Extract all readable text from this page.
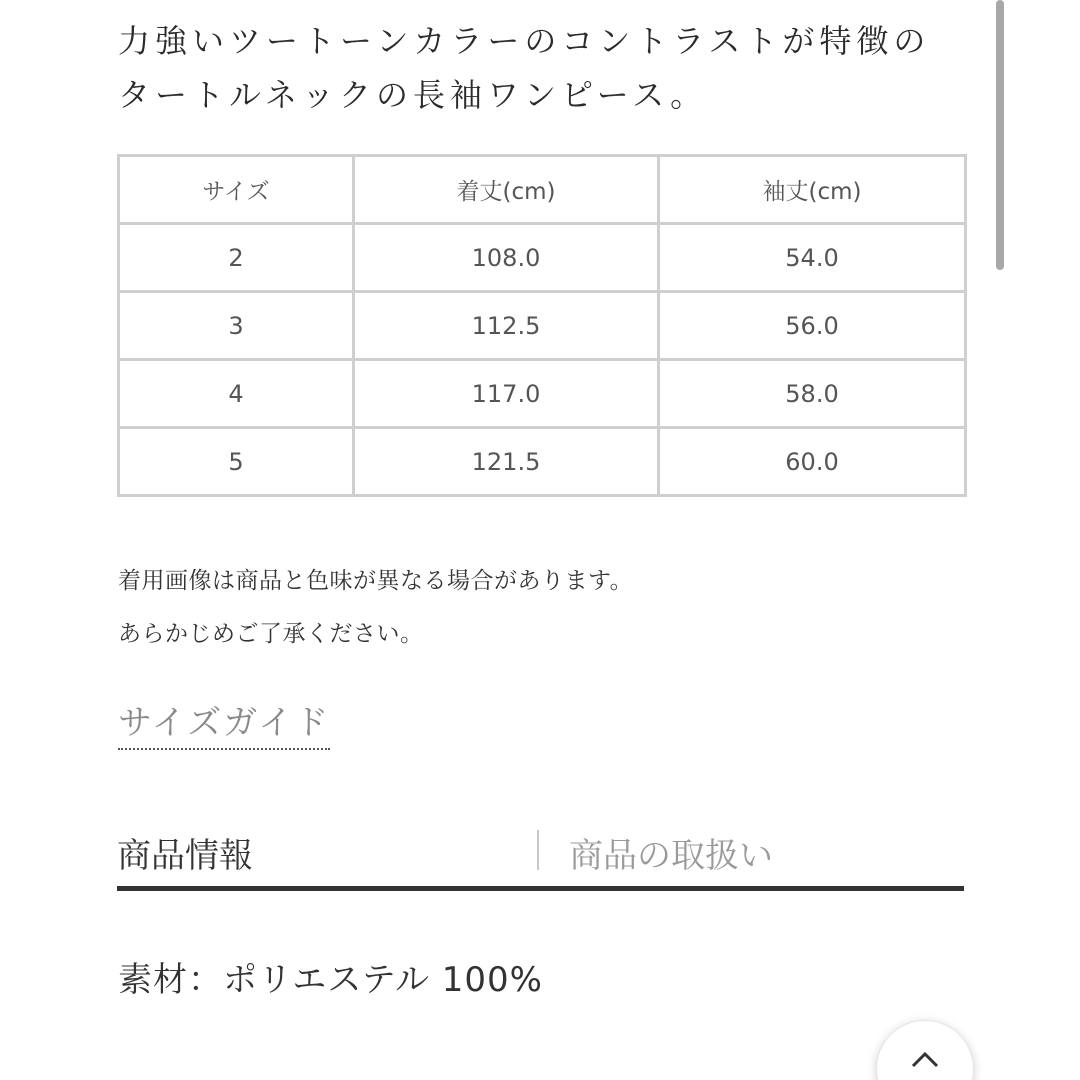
力強いツートーンカラーのコントラストが特徴のタートルネックの長袖ワンピース。

サイズ	着丈(cm)	袖丈(cm)
2	108.0	54.0
3	112.5	56.0
4	117.0	58.0
5	121.5	60.0

着用画像は商品と色味が異なる場合があります。

あらかじめご了承ください。

サイズガイド
商品情報	商品の取扱い

素材：ポリエステル 100%
